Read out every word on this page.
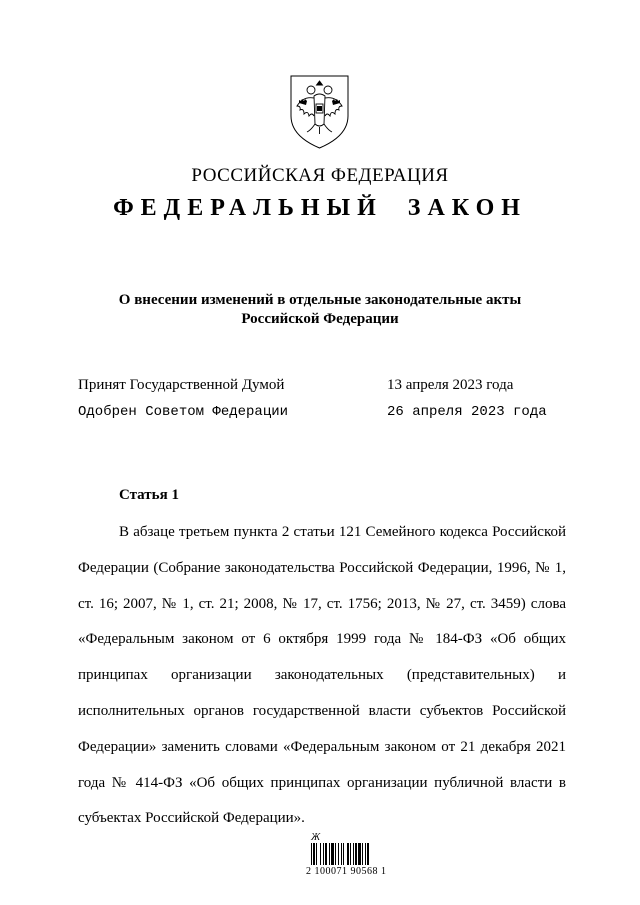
РОССИЙСКАЯ ФЕДЕРАЦИЯ
ФЕДЕРАЛЬНЫЙ ЗАКОН
О внесении изменений в отдельные законодательные акты
Российской Федерации
Принят Государственной Думой	13 апреля 2023 года
Одобрен Советом Федерации	26 апреля 2023 года
Статья 1

В абзаце третьем пункта 2 статьи 121 Семейного кодекса Российской Федерации (Собрание законодательства Российской Федерации, 1996, № 1, ст. 16; 2007, № 1, ст. 21; 2008, № 17, ст. 1756; 2013, № 27, ст. 3459) слова «Федеральным законом от 6 октября 1999 года № 184-ФЗ «Об общих принципах организации законодательных (представительных) и исполнительных органов государственной власти субъектов Российской Федерации» заменить словами «Федеральным законом от 21 декабря 2021 года № 414-ФЗ «Об общих принципах организации публичной власти в субъектах Российской Федерации».

Ж
2 100071 90568 1
